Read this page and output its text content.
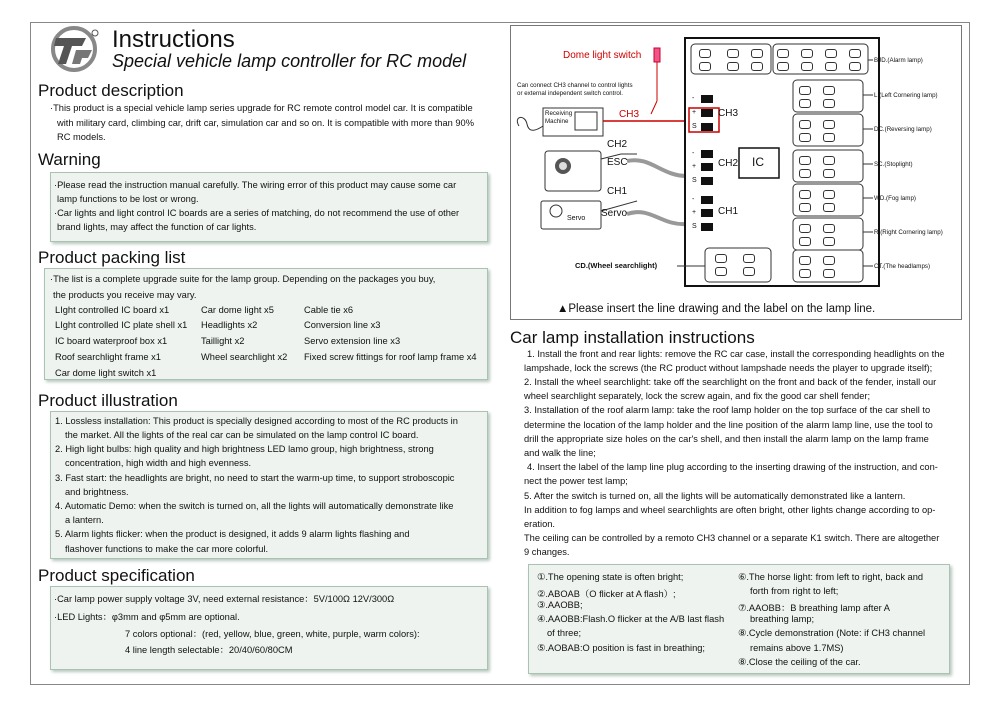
Instructions
Special vehicle lamp controller for RC model
Product description
·This product is a special vehicle lamp series upgrade for RC remote control model car. It is compatible
with military card, climbing car, drift car, simulation car and so on. It is compatible with more than 90%
RC models.
Warning
·Please read the instruction manual carefully. The wiring error of this product may cause some car
lamp functions to be lost or wrong.
·Car lights and light control IC boards are a series of matching, do not recommend the use of other
brand lights, may affect the function of car lights.
Product packing list
·The list is a complete upgrade suite for the lamp group. Depending on the packages you buy,
the products you receive may vary.
LIght controlled IC board x1
LIght controlled IC plate shell x1
IC board waterproof box x1
Roof searchlight frame x1
Car dome light switch x1
Car dome light x5
Headlights x2
Taillight x2
Wheel searchlight x2
Cable tie x6
Conversion line x3
Servo extension line x3
Fixed screw fittings for roof lamp frame x4
Product illustration
1. Lossless installation: This product is specially designed according to most of the RC products in
the market. All the lights of the real car can be simulated on the lamp control IC board.
2. High light bulbs: high quality and high brightness LED lamo group, high brightness, strong
concentration, high width and high evenness.
3. Fast start: the headlights are bright, no need to start the warm-up time, to support stroboscopic
and brightness.
4. Automatic Demo: when the switch is turned on, all the lights will automatically demonstrate like
a lantern.
5. Alarm lights flicker: when the product is designed, it adds 9 alarm lights flashing and
flashover functions to make the car more colorful.
Product specification
·Car lamp power supply voltage 3V, need external resistance：5V/100Ω 12V/300Ω
·LED Lights：φ3mm and φ5mm are optional.
7 colors optional：(red, yellow, blue, green, white, purple, warm colors):
4 line length selectable：20/40/60/80CM
Dome light switch
Can connect CH3 channel to control lights
or external independent switch control.
Receiving
Machine
CH3
CH2
ESC
CH1
Servo
Servo
IC
-
+
S
-
+
S
-
+
S
CH3
CH2
CH1
BJD.(Alarm lamp)
L.(Left Cornering lamp)
DC.(Reversing lamp)
SC.(Stoplight)
WD.(Fog lamp)
R.(Right Cornering lamp)
CT.(The headlamps)
CD.(Wheel searchlight)
▲Please insert the line drawing and the label on the lamp line.
Car lamp installation instructions
1. Install the front and rear lights: remove the RC car case, install the corresponding headlights on the
lampshade, lock the screws (the RC product without lampshade needs the player to upgrade itself);
2. Install the wheel searchlight: take off the searchlight on the front and back of the fender, install our
wheel searchlight separately, lock the screw again, and fix the good car shell fender;
3. Installation of the roof alarm lamp: take the roof lamp holder on the top surface of the car shell to
determine the location of the lamp holder and the line position of the alarm lamp line, use the tool to
drill the appropriate size holes on the car's shell, and then install the alarm lamp on the lamp frame
and walk the line;
4. Insert the label of the lamp line plug according to the inserting drawing of the instruction, and con-
nect the power test lamp;
5. After the switch is turned on, all the lights will be automatically demonstrated like a lantern.
In addition to fog lamps and wheel searchlights are often bright, other lights change according to op-
eration.
The ceiling can be controlled by a remoto CH3 channel or a separate K1 switch. There are altogether
9 changes.
①.The opening state is often bright;
②.ABOAB（O flicker at A flash）;
③.AAOBB;
④.AAOBB:Flash.O flicker at the A/B last flash
of three;
⑤.AOBAB:O position is fast in breathing;
⑥.The horse light: from left to right, back and
forth from right to left;
⑦.AAOBB：B breathing lamp after A
breathing lamp;
⑧.Cycle demonstration (Note: if CH3 channel
remains above 1.7MS)
⑧.Close the ceiling of the car.
